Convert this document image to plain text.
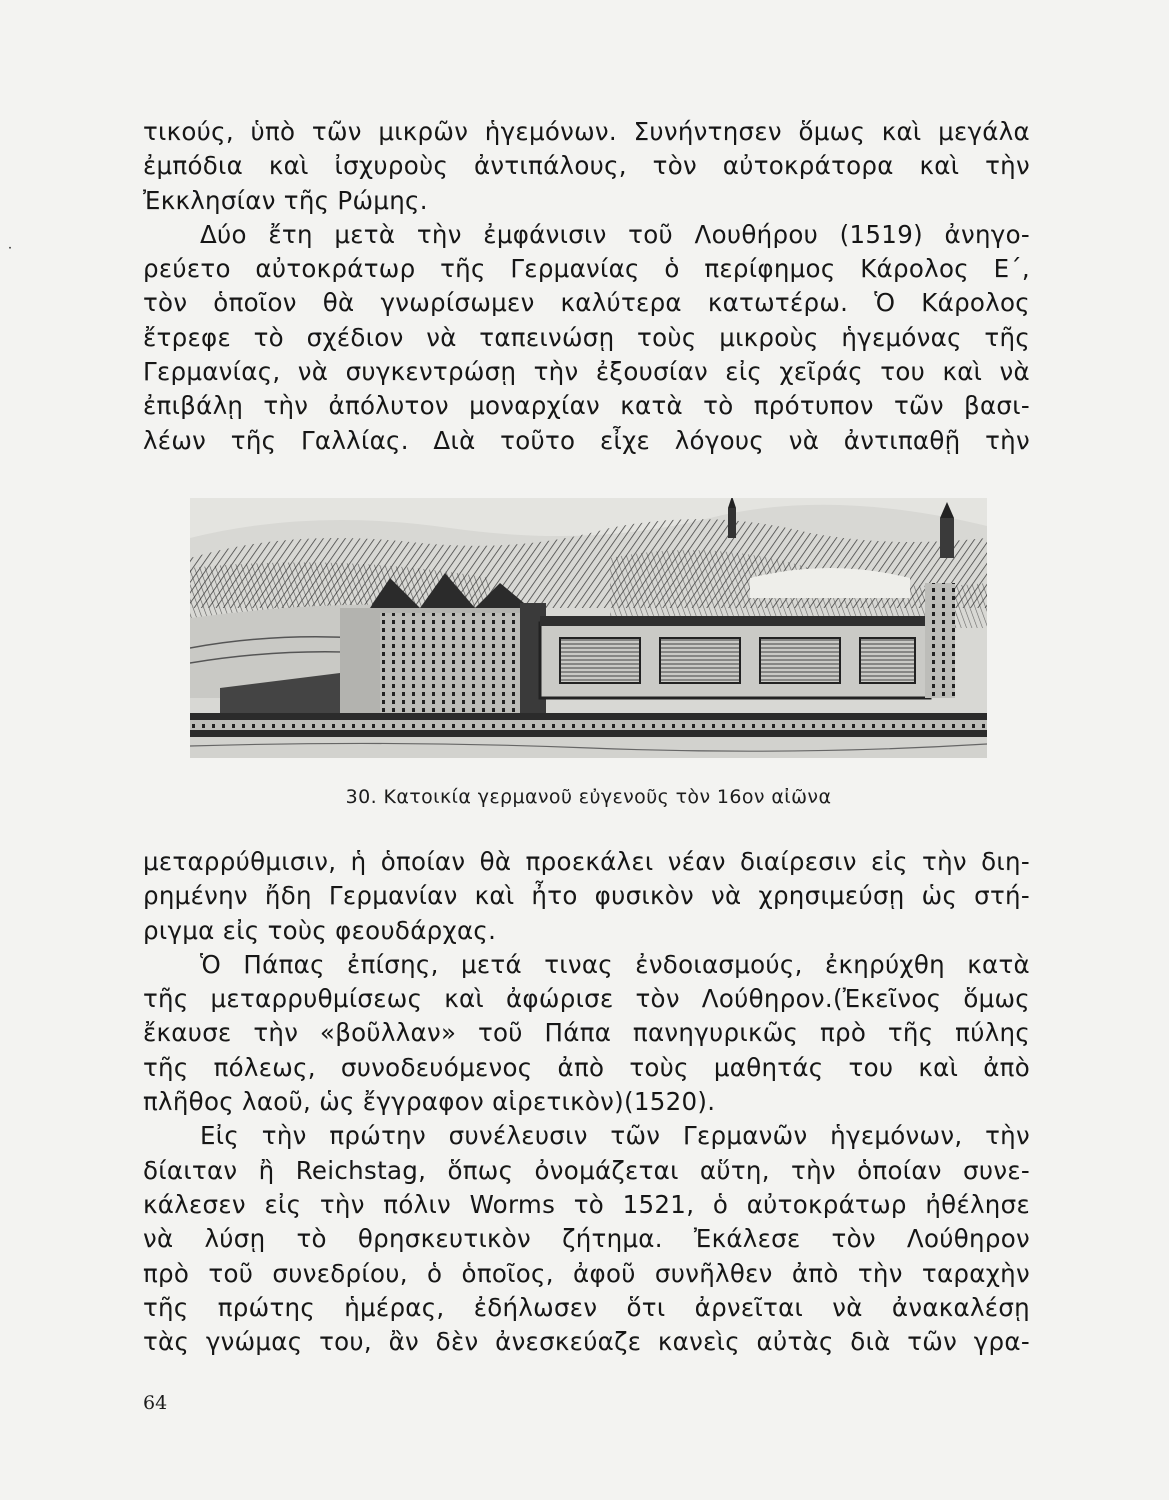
˙
τικούς, ὑπὸ τῶν μικρῶν ἡγεμόνων. Συνήντησεν ὅμως καὶ μεγάλα
ἐμπόδια καὶ ἰσχυροὺς ἀντιπάλους, τὸν αὐτοκράτορα καὶ τὴν
Ἐκκλησίαν τῆς Ρώμης.
Δύο ἔτη μετὰ τὴν ἐμφάνισιν τοῦ Λουθήρου (1519) ἀνηγο-
ρεύετο αὐτοκράτωρ τῆς Γερμανίας ὁ περίφημος Κάρολος Ε΄,
τὸν ὁποῖον θὰ γνωρίσωμεν καλύτερα κατωτέρω. Ὁ Κάρολος
ἔτρεφε τὸ σχέδιον νὰ ταπεινώσῃ τοὺς μικροὺς ἡγεμόνας τῆς
Γερμανίας, νὰ συγκεντρώσῃ τὴν ἐξουσίαν εἰς χεῖράς του καὶ νὰ
ἐπιβάλῃ τὴν ἀπόλυτον μοναρχίαν κατὰ τὸ πρότυπον τῶν βασι-
λέων τῆς Γαλλίας. Διὰ τοῦτο εἶχε λόγους νὰ ἀντιπαθῇ τὴν
30. Κατοικία γερμανοῦ εὐγενοῦς τὸν 16ον αἰῶνα
μεταρρύθμισιν, ἡ ὁποίαν θὰ προεκάλει νέαν διαίρεσιν εἰς τὴν διη-
ρημένην ἤδη Γερμανίαν καὶ ἦτο φυσικὸν νὰ χρησιμεύσῃ ὡς στή-
ριγμα εἰς τοὺς φεουδάρχας.
Ὁ Πάπας ἐπίσης, μετά τινας ἐνδοιασμούς, ἐκηρύχθη κατὰ
τῆς μεταρρυθμίσεως καὶ ἀφώρισε τὸν Λούθηρον.(Ἐκεῖνος ὅμως
ἔκαυσε τὴν «βοῦλλαν» τοῦ Πάπα πανηγυρικῶς πρὸ τῆς πύλης
τῆς πόλεως, συνοδευόμενος ἀπὸ τοὺς μαθητάς του καὶ ἀπὸ
πλῆθος λαοῦ, ὡς ἔγγραφον αἱρετικὸν)(1520).
Εἰς τὴν πρώτην συνέλευσιν τῶν Γερμανῶν ἡγεμόνων, τὴν
δίαιταν ἢ Reichstag, ὅπως ὀνομάζεται αὕτη, τὴν ὁποίαν συνε-
κάλεσεν εἰς τὴν πόλιν Worms τὸ 1521, ὁ αὐτοκράτωρ ἠθέλησε
νὰ λύσῃ τὸ θρησκευτικὸν ζήτημα. Ἐκάλεσε τὸν Λούθηρον
πρὸ τοῦ συνεδρίου, ὁ ὁποῖος, ἀφοῦ συνῆλθεν ἀπὸ τὴν ταραχὴν
τῆς πρώτης ἡμέρας, ἐδήλωσεν ὅτι ἀρνεῖται νὰ ἀνακαλέσῃ
τὰς γνώμας του, ἂν δὲν ἀνεσκεύαζε κανεὶς αὐτὰς διὰ τῶν γρα-
64
